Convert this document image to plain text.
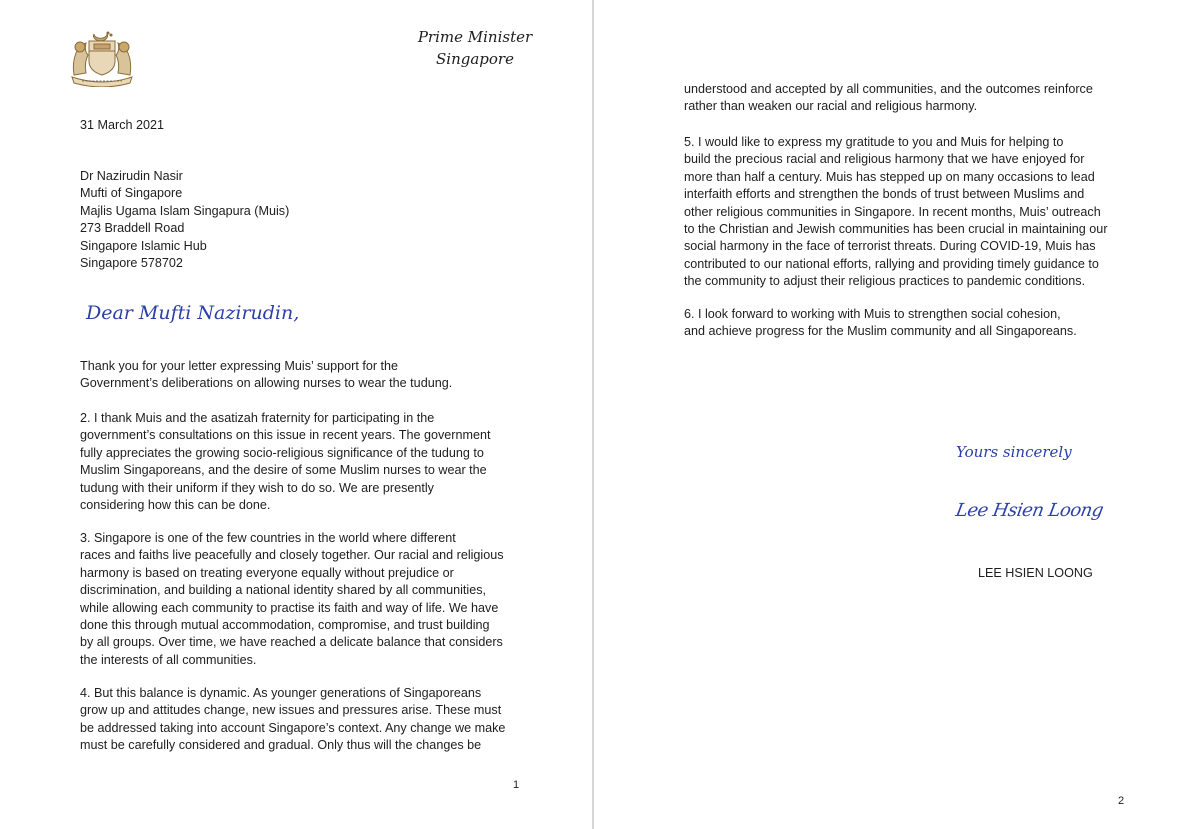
Prime Minister
Singapore
31 March 2021
Dr Nazirudin Nasir
Mufti of Singapore
Majlis Ugama Islam Singapura (Muis)
273 Braddell Road
Singapore Islamic Hub
Singapore 578702
Dear Mufti Nazirudin,
Thank you for your letter expressing Muis’ support for the
Government’s deliberations on allowing nurses to wear the tudung.
2. I thank Muis and the asatizah fraternity for participating in the
government’s consultations on this issue in recent years. The government
fully appreciates the growing socio-religious significance of the tudung to
Muslim Singaporeans, and the desire of some Muslim nurses to wear the
tudung with their uniform if they wish to do so. We are presently
considering how this can be done.
3. Singapore is one of the few countries in the world where different
races and faiths live peacefully and closely together. Our racial and religious
harmony is based on treating everyone equally without prejudice or
discrimination, and building a national identity shared by all communities,
while allowing each community to practise its faith and way of life. We have
done this through mutual accommodation, compromise, and trust building
by all groups. Over time, we have reached a delicate balance that considers
the interests of all communities.
4. But this balance is dynamic. As younger generations of Singaporeans
grow up and attitudes change, new issues and pressures arise. These must
be addressed taking into account Singapore’s context. Any change we make
must be carefully considered and gradual. Only thus will the changes be
1
understood and accepted by all communities, and the outcomes reinforce
rather than weaken our racial and religious harmony.
5. I would like to express my gratitude to you and Muis for helping to
build the precious racial and religious harmony that we have enjoyed for
more than half a century. Muis has stepped up on many occasions to lead
interfaith efforts and strengthen the bonds of trust between Muslims and
other religious communities in Singapore. In recent months, Muis’ outreach
to the Christian and Jewish communities has been crucial in maintaining our
social harmony in the face of terrorist threats. During COVID-19, Muis has
contributed to our national efforts, rallying and providing timely guidance to
the community to adjust their religious practices to pandemic conditions.
6. I look forward to working with Muis to strengthen social cohesion,
and achieve progress for the Muslim community and all Singaporeans.
Yours sincerely
Lee Hsien Loong
LEE HSIEN LOONG
2
